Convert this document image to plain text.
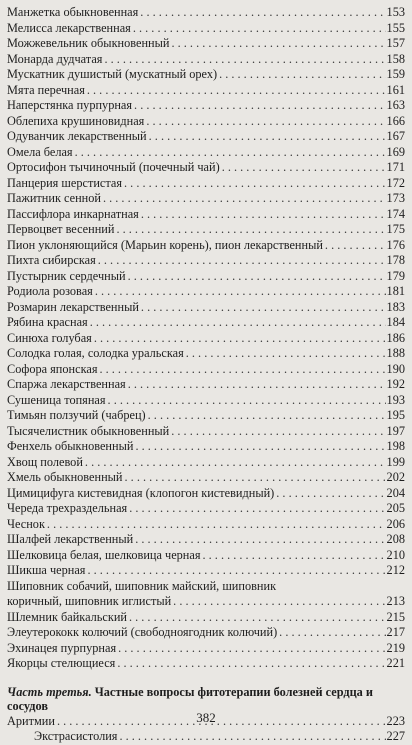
Манжетка обыкновенная . . .	153
Мелисса лекарственная . . .	155
Можжевельник обыкновенный . . .	157
Монарда дудчатая . . .	158
Мускатник душистый (мускатный орех) . . .	159
Мята перечная . . .	161
Наперстянка пурпурная . . .	163
Облепиха крушиновидная . . .	166
Одуванчик лекарственный . . .	167
Омела белая . . .	169
Ортосифон тычиночный (почечный чай) . . .	171
Панцерия шерстистая . . .	172
Пажитник сенной . . .	173
Пассифлора инкарнатная . . .	174
Первоцвет весенний . . .	175
Пион уклоняющийся (Марьин корень), пион лекарственный . . .	176
Пихта сибирская . . .	178
Пустырник сердечный . . .	179
Родиола розовая . . .	181
Розмарин лекарственный . . .	183
Рябина красная . . .	184
Синюха голубая . . .	186
Солодка голая, солодка уральская . . .	188
Софора японская . . .	190
Спаржа лекарственная . . .	192
Сушеница топяная . . .	193
Тимьян ползучий (чабрец) . . .	195
Тысячелистник обыкновенный . . .	197
Фенхель обыкновенный . . .	198
Хвощ полевой . . .	199
Хмель обыкновенный . . .	202
Цимицифуга кистевидная (клопогон кистевидный) . . .	204
Череда трехраздельная . . .	205
Чеснок . . .	206
Шалфей лекарственный . . .	208
Шелковица белая, шелковица черная . . .	210
Шикша черная . . .	212
Шиповник собачий, шиповник майский, шиповник
коричный, шиповник иглистый . . .	213
Шлемник байкальский . . .	215
Элеутерококк колючий (свободноягодник колючий) . . .	217
Эхинацея пурпурная . . .	219
Якорцы стелющиеся . . .	221
Часть третья. Частные вопросы фитотерапии болезней сердца и сосудов
Аритмии . . .	223
Экстрасистолия . . .	227
382
